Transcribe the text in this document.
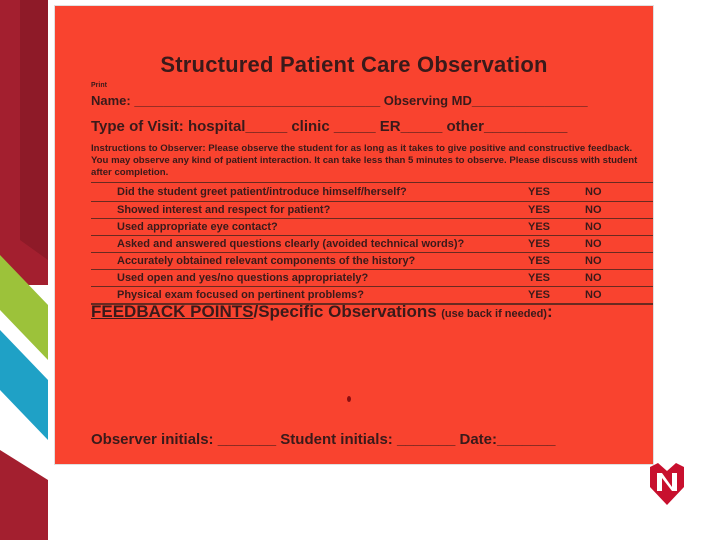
Structured Patient Care Observation
Print
Name: __________________________________ Observing MD________________
Type of Visit: hospital_____ clinic _____ ER_____ other__________
Instructions to Observer: Please observe the student for as long as it takes to give positive and constructive feedback. You may observe any kind of patient interaction. It can take less than 5 minutes to observe. Please discuss with student after completion.
Did the student greet patient/introduce himself/herself?	YES	NO
Showed interest and respect for patient?	YES	NO
Used appropriate eye contact?	YES	NO
Asked and answered questions clearly (avoided technical words)?	YES	NO
Accurately obtained relevant components of the history?	YES	NO
Used open and yes/no questions appropriately?	YES	NO
Physical exam focused on pertinent problems?	YES	NO
FEEDBACK POINTS/Specific Observations (use back if needed):
Observer initials: _______ Student initials: _______ Date:_______
